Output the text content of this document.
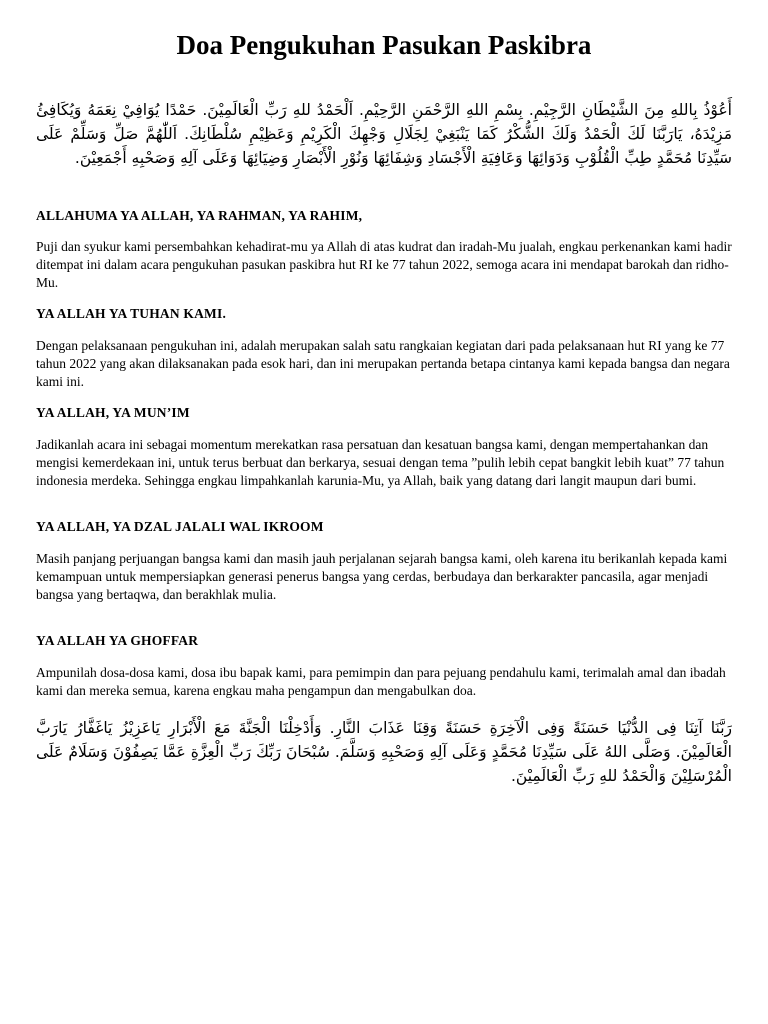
Doa Pengukuhan Pasukan Paskibra

أَعُوْذُ بِاللهِ مِنَ الشَّيْطَانِ الرَّجِيْمِ. بِسْمِ اللهِ الرَّحْمَنِ الرَّحِيْمِ. اَلْحَمْدُ للهِ رَبِّ الْعَالَمِيْنَ. حَمْدًا يُوَافِيْ نِعَمَهُ وَيُكَافِئُ مَزِيْدَهُ، يَارَبَّنَا لَكَ الْحَمْدُ وَلَكَ الشُّكْرُ كَمَا يَنْبَغِيْ لِجَلَالِ وَجْهِكَ الْكَرِيْمِ وَعَظِيْمِ سُلْطَانِكَ. اَللّٰهُمَّ صَلِّ وَسَلِّمْ عَلَى سَيِّدِنَا مُحَمَّدٍ طِبِّ الْقُلُوْبِ وَدَوَائِهَا وَعَافِيَةِ الْأَجْسَادِ وَشِفَائِهَا وَنُوْرِ الْأَبْصَارِ وَضِيَائِهَا وَعَلَى آلِهِ وَصَحْبِهِ أَجْمَعِيْنَ.

ALLAHUMA YA ALLAH, YA RAHMAN, YA RAHIM,

Puji dan syukur kami persembahkan kehadirat-mu ya Allah di atas kudrat dan iradah-Mu jualah, engkau perkenankan kami hadir ditempat ini dalam acara pengukuhan pasukan paskibra hut RI ke 77 tahun 2022, semoga acara ini mendapat barokah dan ridho-Mu.

YA ALLAH YA TUHAN KAMI.

Dengan pelaksanaan pengukuhan ini, adalah merupakan salah satu rangkaian kegiatan dari pada pelaksanaan hut RI yang ke 77 tahun 2022 yang akan dilaksanakan pada esok hari, dan ini merupakan pertanda betapa cintanya kami kepada bangsa dan negara kami ini.

YA ALLAH, YA MUN’IM

Jadikanlah acara ini sebagai momentum merekatkan rasa persatuan dan kesatuan bangsa kami, dengan mempertahankan dan mengisi kemerdekaan ini, untuk terus berbuat dan berkarya, sesuai dengan tema ”pulih lebih cepat bangkit lebih kuat” 77 tahun indonesia merdeka. Sehingga engkau limpahkanlah karunia-Mu, ya Allah, baik yang datang dari langit maupun dari bumi.

YA ALLAH, YA DZAL JALALI WAL IKROOM

Masih panjang perjuangan bangsa kami dan masih jauh perjalanan sejarah bangsa kami, oleh karena itu berikanlah kepada kami kemampuan untuk mempersiapkan generasi penerus bangsa yang cerdas, berbudaya dan berkarakter pancasila, agar menjadi bangsa yang bertaqwa, dan berakhlak mulia.

YA ALLAH YA GHOFFAR

Ampunilah dosa-dosa kami, dosa ibu bapak kami, para pemimpin dan para pejuang pendahulu kami, terimalah amal dan ibadah kami dan mereka semua, karena engkau maha pengampun dan mengabulkan doa.

رَبَّنَا آتِنَا فِى الدُّنْيَا حَسَنَةً وَفِى الْآخِرَةِ حَسَنَةً وَقِنَا عَذَابَ النَّارِ. وَأَدْخِلْنَا الْجَنَّةَ مَعَ الْأَبْرَارِ يَاعَزِيْزُ يَاغَفَّارُ يَارَبَّ الْعَالَمِيْنَ. وَصَلَّى اللهُ عَلَى سَيِّدِنَا مُحَمَّدٍ وَعَلَى آلِهِ وَصَحْبِهِ وَسَلَّمَ. سُبْحَانَ رَبِّكَ رَبِّ الْعِزَّةِ عَمَّا يَصِفُوْنَ وَسَلَامٌ عَلَى الْمُرْسَلِيْنَ وَالْحَمْدُ للهِ رَبِّ الْعَالَمِيْنَ.
